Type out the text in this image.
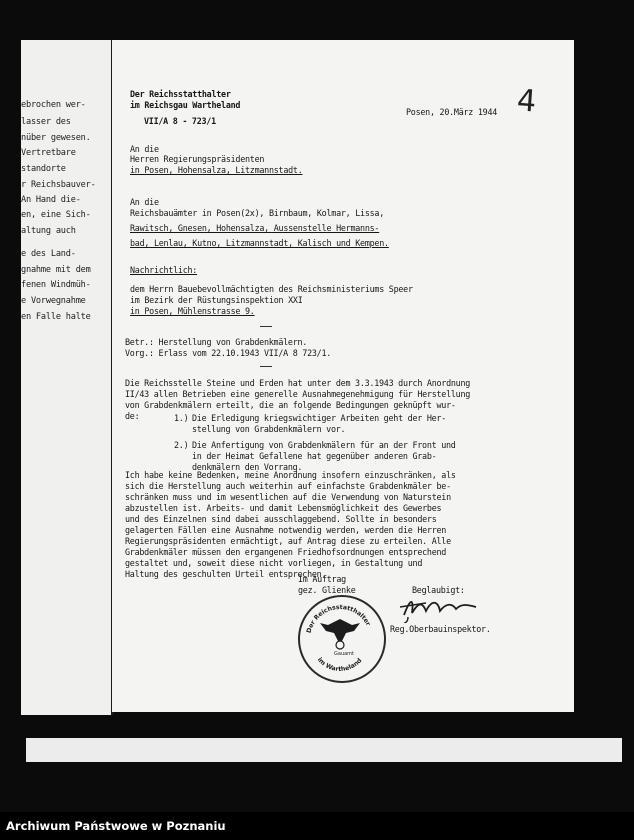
ebrochen wer-
lasser des
nüber gewesen.
Vertretbare
standorte
r Reichsbauver-
An Hand die-
en, eine Sich-
altung auch
e des Land-
gnahme mit dem
fenen Windmüh-
e Vorwegnahme
en Falle halte
Der Reichsstatthalter
im Reichsgau Wartheland
VII/A 8 - 723/1
Posen, 20.März 1944 4
An die
Herren Regierungspräsidenten
in Posen, Hohensalza, Litzmannstadt.
An die
Reichsbauämter in Posen(2x), Birnbaum, Kolmar, Lissa,
Rawitsch, Gnesen, Hohensalza, Aussenstelle Hermanns-
bad, Lenlau, Kutno, Litzmannstadt, Kalisch und Kempen.
Nachrichtlich:
dem Herrn Bauebevollmächtigten des Reichsministeriums Speer
im Bezirk der Rüstungsinspektion XXI
in Posen, Mühlenstrasse 9.
Betr.: Herstellung von Grabdenkmälern.
Vorg.: Erlass vom 22.10.1943 VII/A 8 723/1.
Die Reichsstelle Steine und Erden hat unter dem 3.3.1943 durch Anordnung
II/43 allen Betrieben eine generelle Ausnahmegenehmigung für Herstellung
von Grabdenkmälern erteilt, die an folgende Bedingungen geknüpft wur-
de:	1.) Die Erledigung kriegswichtiger Arbeiten geht der Her-
stellung von Grabdenkmälern vor.
2.) Die Anfertigung von Grabdenkmälern für an der Front und
in der Heimat Gefallene hat gegenüber anderen Grab-
denkmälern den Vorrang.
Ich habe keine Bedenken, meine Anordnung insofern einzuschränken, als
sich die Herstellung auch weiterhin auf einfachste Grabdenkmäler be-
schränken muss und im wesentlichen auf die Verwendung von Naturstein
abzustellen ist. Arbeits- und damit Lebensmöglichkeit des Gewerbes
und des Einzelnen sind dabei ausschlaggebend. Sollte in besonders
gelagerten Fällen eine Ausnahme notwendig werden, werden die Herren
Regierungspräsidenten ermächtigt, auf Antrag diese zu erteilen. Alle
Grabdenkmäler müssen den ergangenen Friedhofsordnungen entsprechend
gestaltet und, soweit diese nicht vorliegen, in Gestaltung und
Haltung des geschulten Urteil entsprechen.
Im Auftrag
gez. Glienke	Beglaubigt:
Reg.Oberbauinspektor.
Der Reichsstatthalter
im Wartheland
Gauamt
Archiwum Państwowe w Poznaniu
